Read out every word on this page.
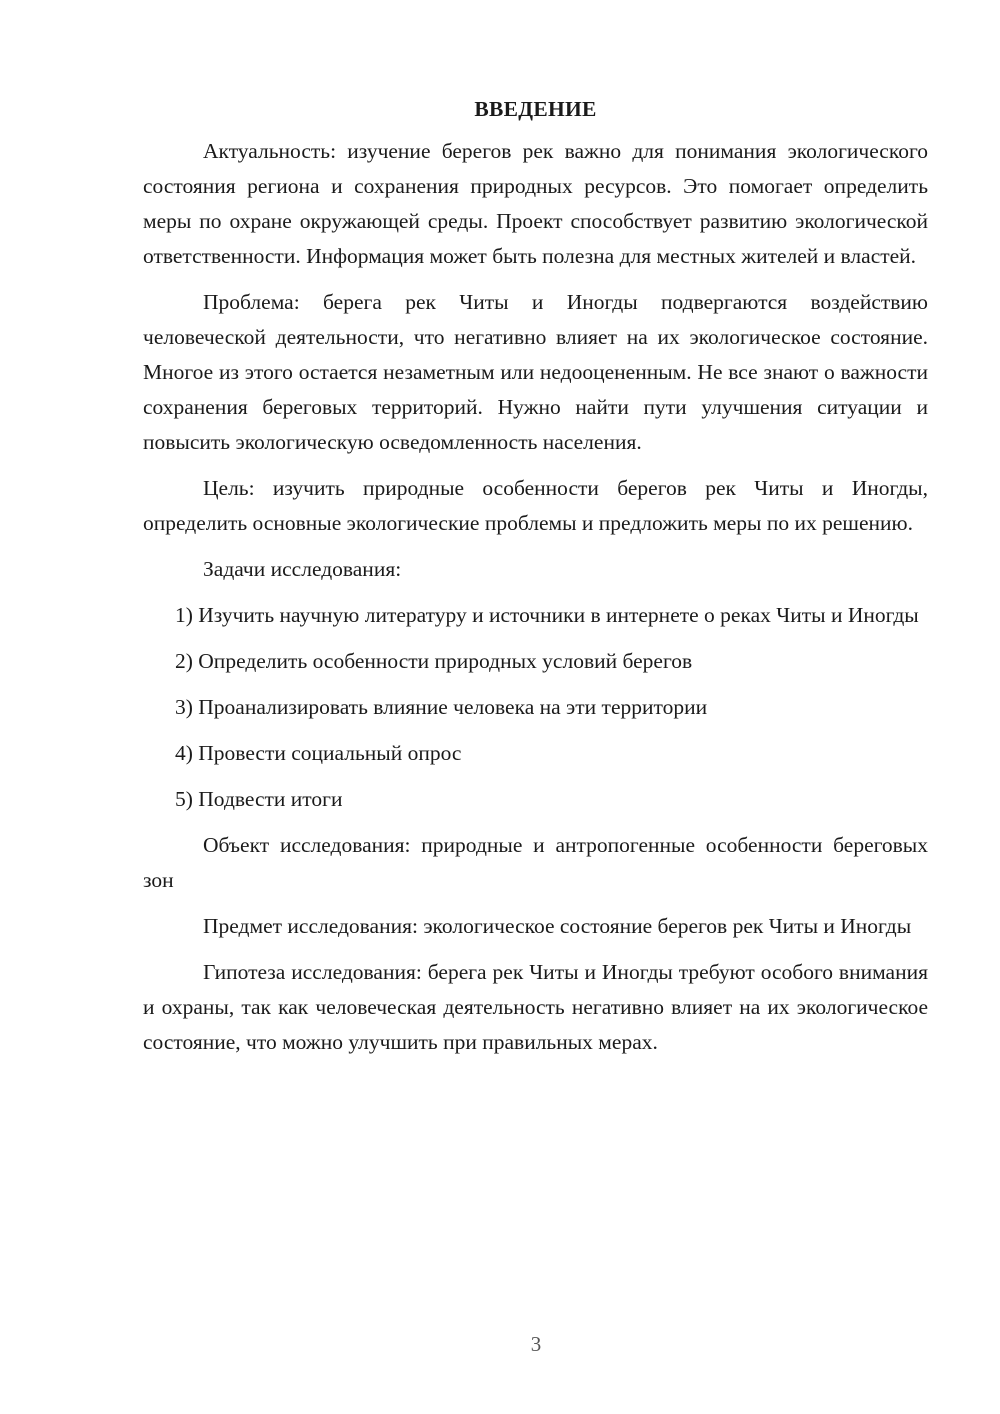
ВВЕДЕНИЕ

Актуальность: изучение берегов рек важно для понимания экологического состояния региона и сохранения природных ресурсов. Это помогает определить меры по охране окружающей среды. Проект способствует развитию экологической ответственности. Информация может быть полезна для местных жителей и властей.

Проблема: берега рек Читы и Иногды подвергаются воздействию человеческой деятельности, что негативно влияет на их экологическое состояние. Многое из этого остается незаметным или недооцененным. Не все знают о важности сохранения береговых территорий. Нужно найти пути улучшения ситуации и повысить экологическую осведомленность населения.

Цель: изучить природные особенности берегов рек Читы и Иногды, определить основные экологические проблемы и предложить меры по их решению.

Задачи исследования:

1) Изучить научную литературу и источники в интернете о реках Читы и Иногды
2) Определить особенности природных условий берегов
3) Проанализировать влияние человека на эти территории
4) Провести социальный опрос
5) Подвести итоги

Объект исследования: природные и антропогенные особенности береговых зон

Предмет исследования: экологическое состояние берегов рек Читы и Иногды

Гипотеза исследования: берега рек Читы и Иногды требуют особого внимания и охраны, так как человеческая деятельность негативно влияет на их экологическое состояние, что можно улучшить при правильных мерах.

3
